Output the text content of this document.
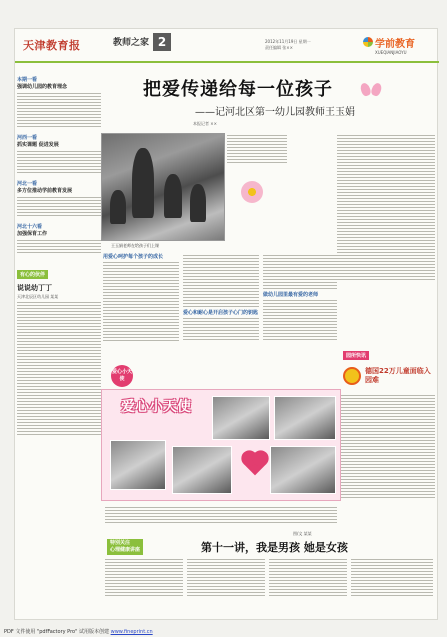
天津教育报	教师之家 2	2012年11月19日 星期一
责任编辑 张××	学前教育
XUEQIANJIAOYU
本期一看
强调幼儿园的教育理念
河西一看
抓实课题 促进发展
河北一看
多方位推动学前教育发展
河北十六看
加强保育工作
有心的伙伴
说说幼丁丁
天津北辰区幼儿园 某某
把爱传递给每一位孩子
——记河北区第一幼儿园教师王玉娟
本报记者 ××
王玉娟老师在给孩子们上课
用爱心呵护每个孩子的成长
爱心和耐心是开启孩子心门的钥匙
做幼儿园里最有爱的老师
爱心小天使
爱心小天使
图/文 某某
园所快讯
德国22万儿童面临入园难
特别关注
心理健康讲座	第十一讲，我是男孩 她是女孩
PDF 文件使用 "pdfFactory Pro" 试用版本创建 www.fineprint.cn
